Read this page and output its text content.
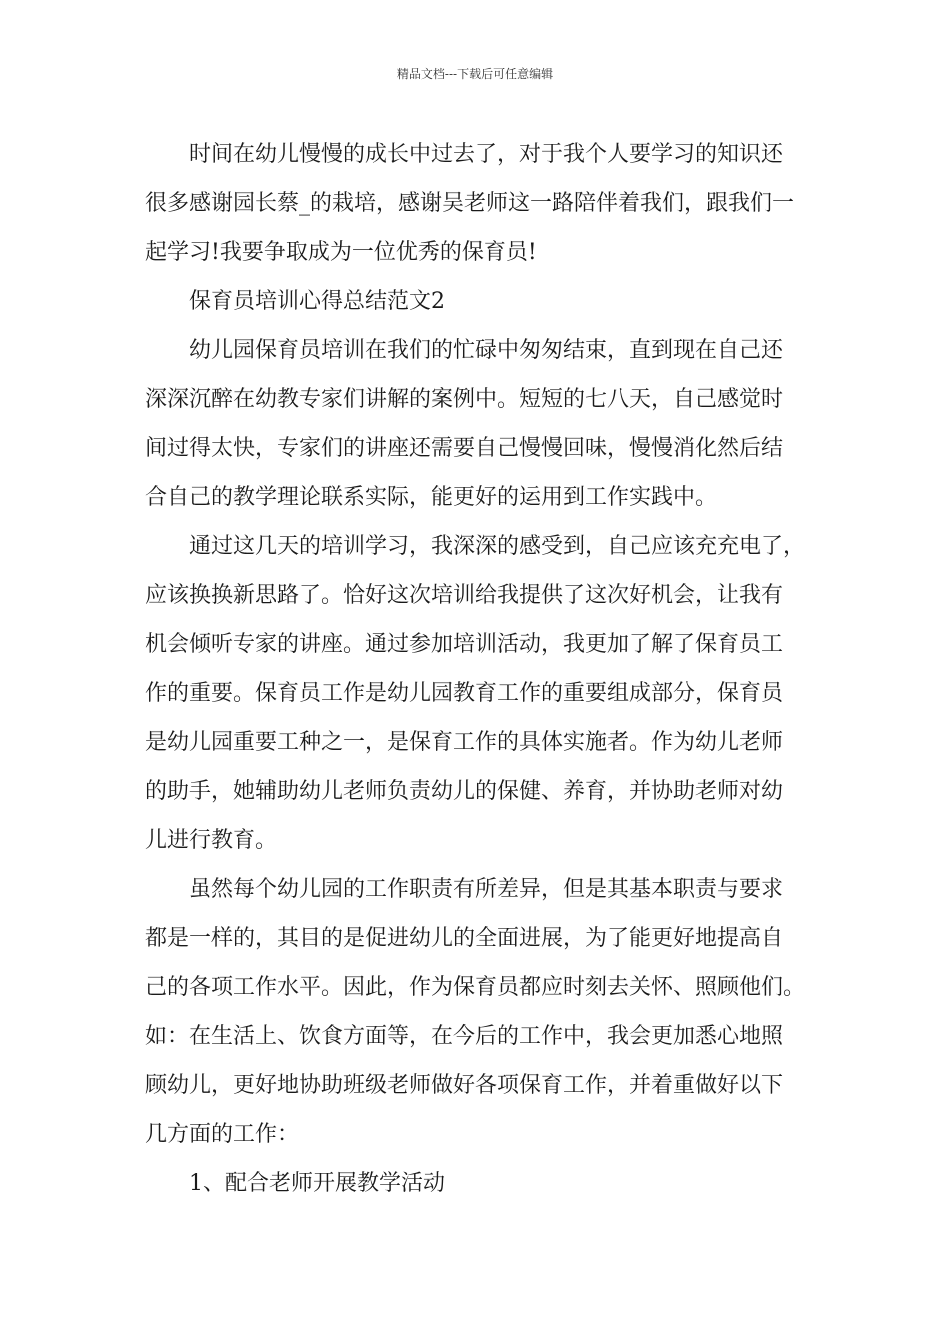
精品文档---下载后可任意编辑
时间在幼儿慢慢的成长中过去了，对于我个人要学习的知识还
很多感谢园长蔡_的栽培，感谢吴老师这一路陪伴着我们，跟我们一
起学习!我要争取成为一位优秀的保育员!
保育员培训心得总结范文2
幼儿园保育员培训在我们的忙碌中匆匆结束，直到现在自己还
深深沉醉在幼教专家们讲解的案例中。短短的七八天，自己感觉时
间过得太快，专家们的讲座还需要自己慢慢回味，慢慢消化然后结
合自己的教学理论联系实际，能更好的运用到工作实践中。
通过这几天的培训学习，我深深的感受到，自己应该充充电了，
应该换换新思路了。恰好这次培训给我提供了这次好机会，让我有
机会倾听专家的讲座。通过参加培训活动，我更加了解了保育员工
作的重要。保育员工作是幼儿园教育工作的重要组成部分，保育员
是幼儿园重要工种之一，是保育工作的具体实施者。作为幼儿老师
的助手，她辅助幼儿老师负责幼儿的保健、养育，并协助老师对幼
儿进行教育。
虽然每个幼儿园的工作职责有所差异，但是其基本职责与要求
都是一样的，其目的是促进幼儿的全面进展，为了能更好地提高自
己的各项工作水平。因此，作为保育员都应时刻去关怀、照顾他们。
如：在生活上、饮食方面等，在今后的工作中，我会更加悉心地照
顾幼儿，更好地协助班级老师做好各项保育工作，并着重做好以下
几方面的工作：
1、配合老师开展教学活动
